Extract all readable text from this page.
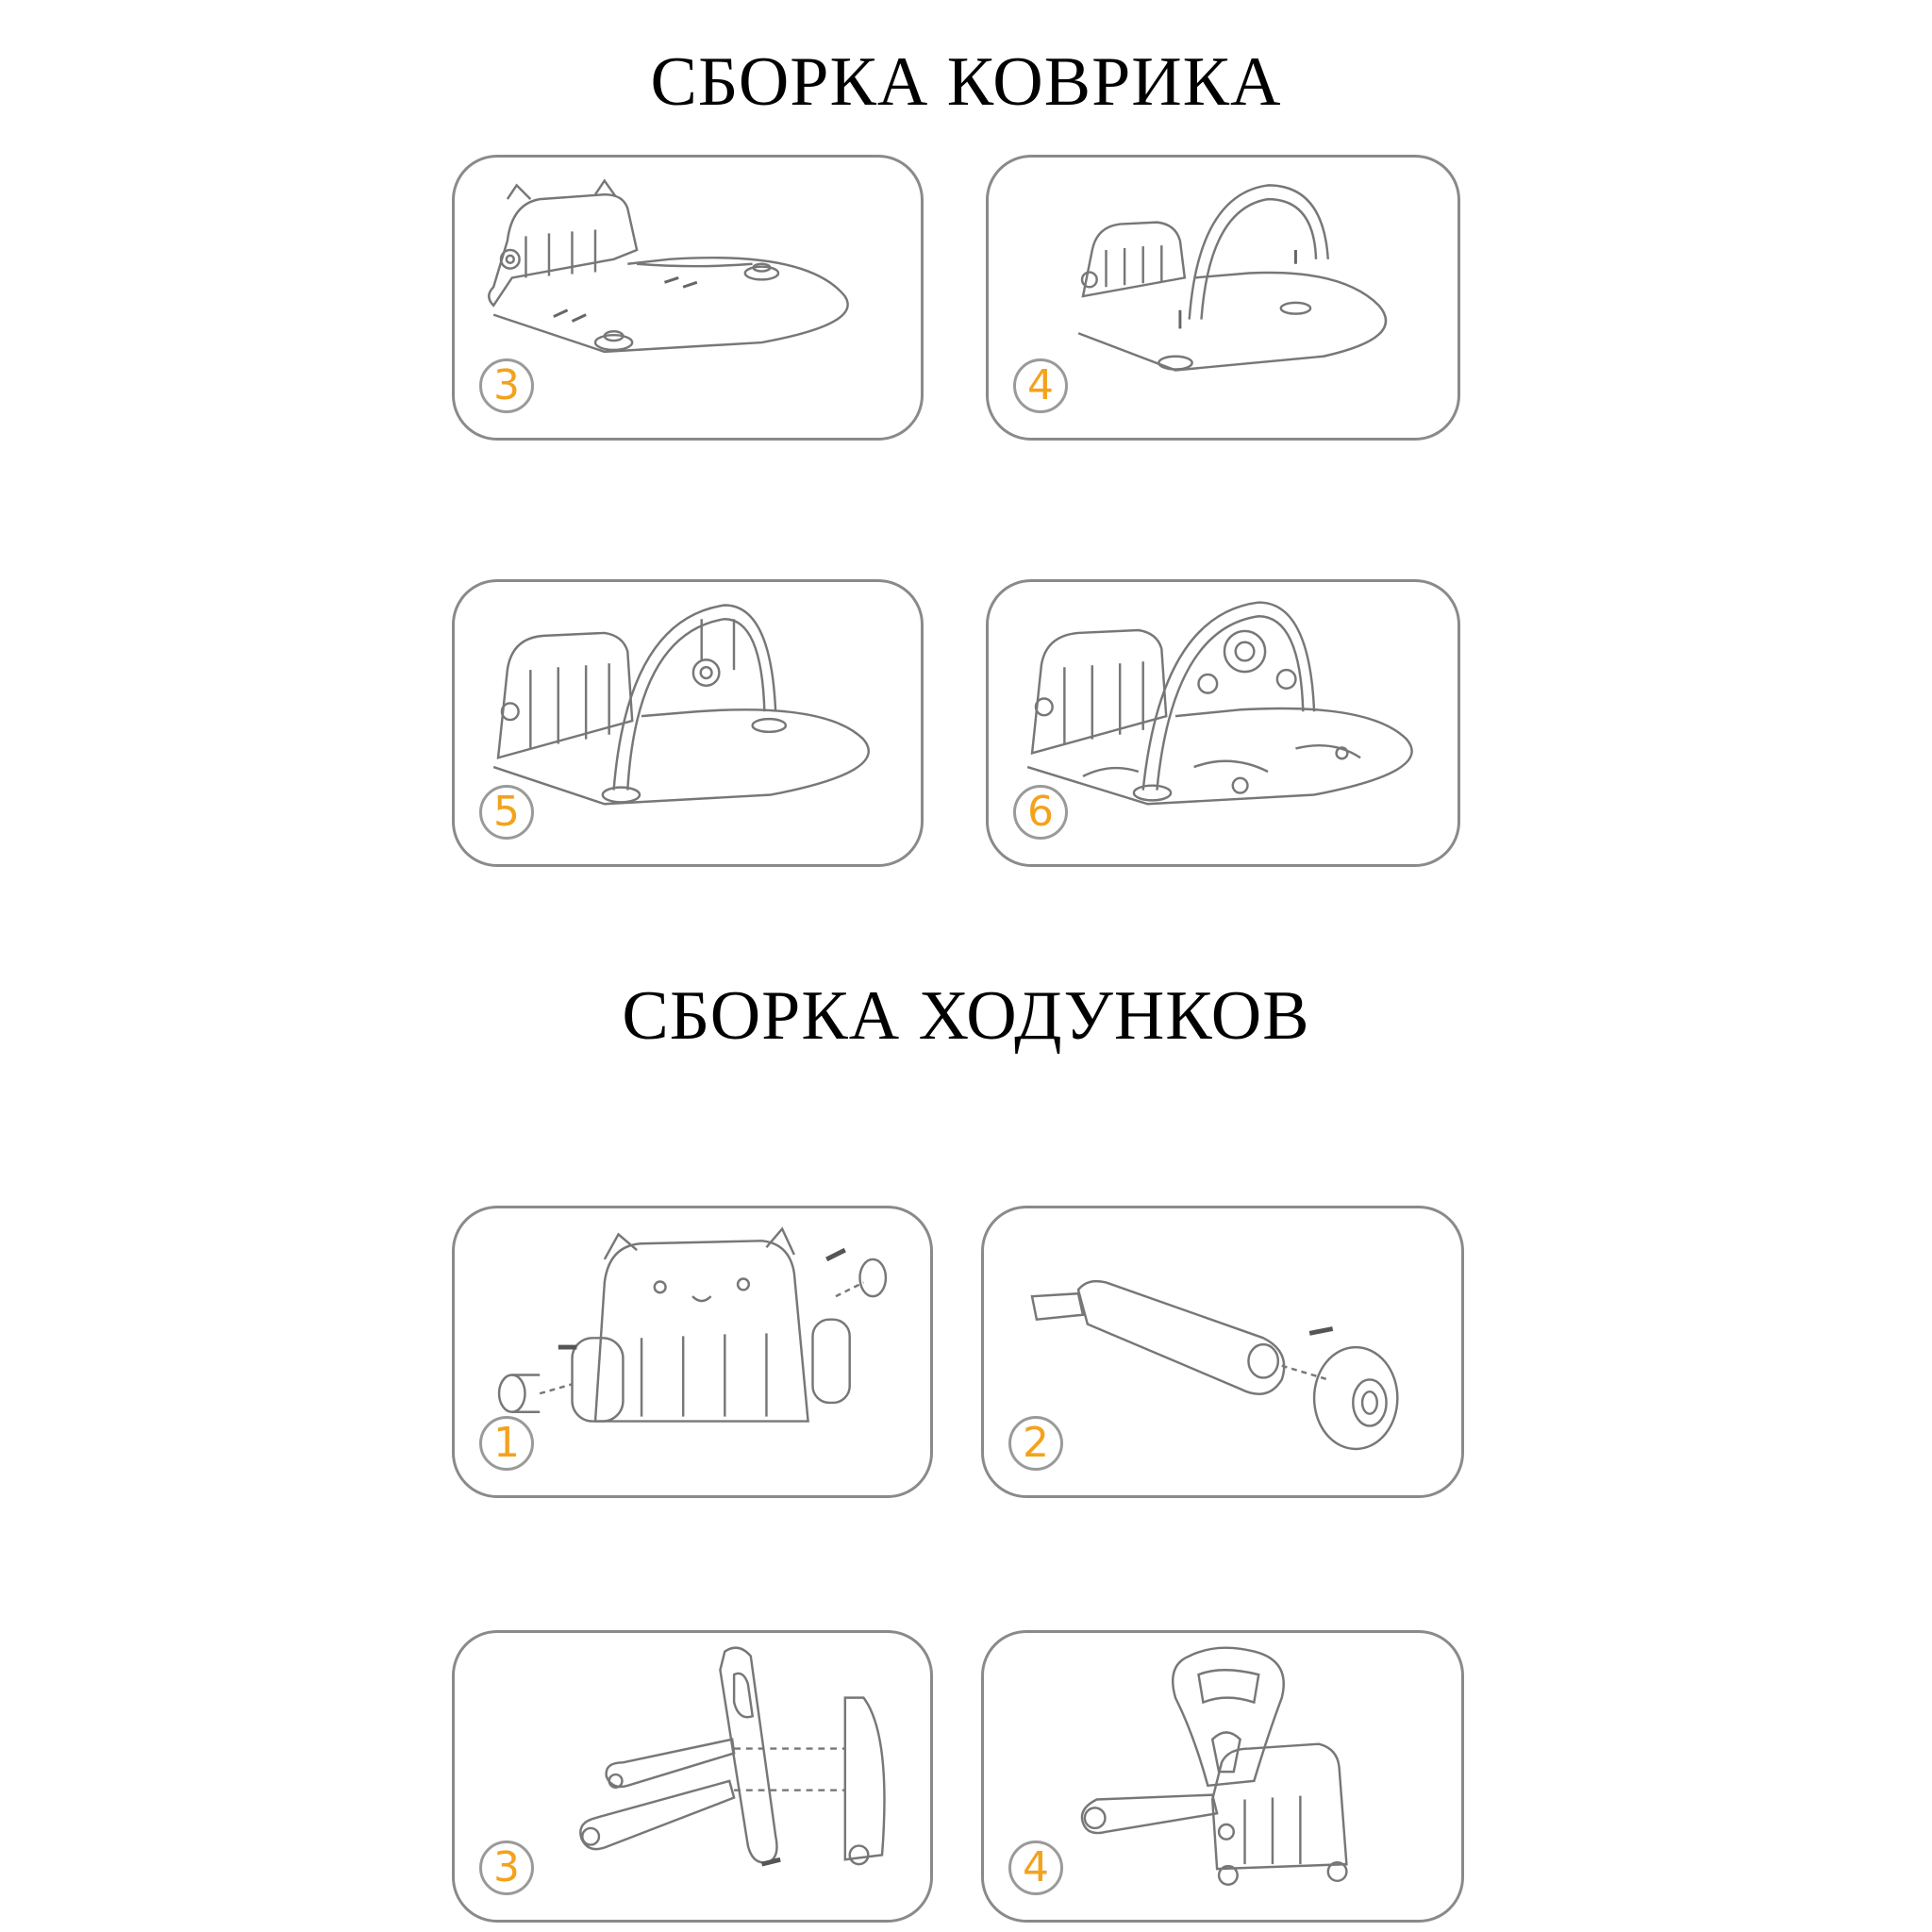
СБОРКА КОВРИКА
3	4
5	6
СБОРКА ХОДУНКОВ
1	2
3	4
